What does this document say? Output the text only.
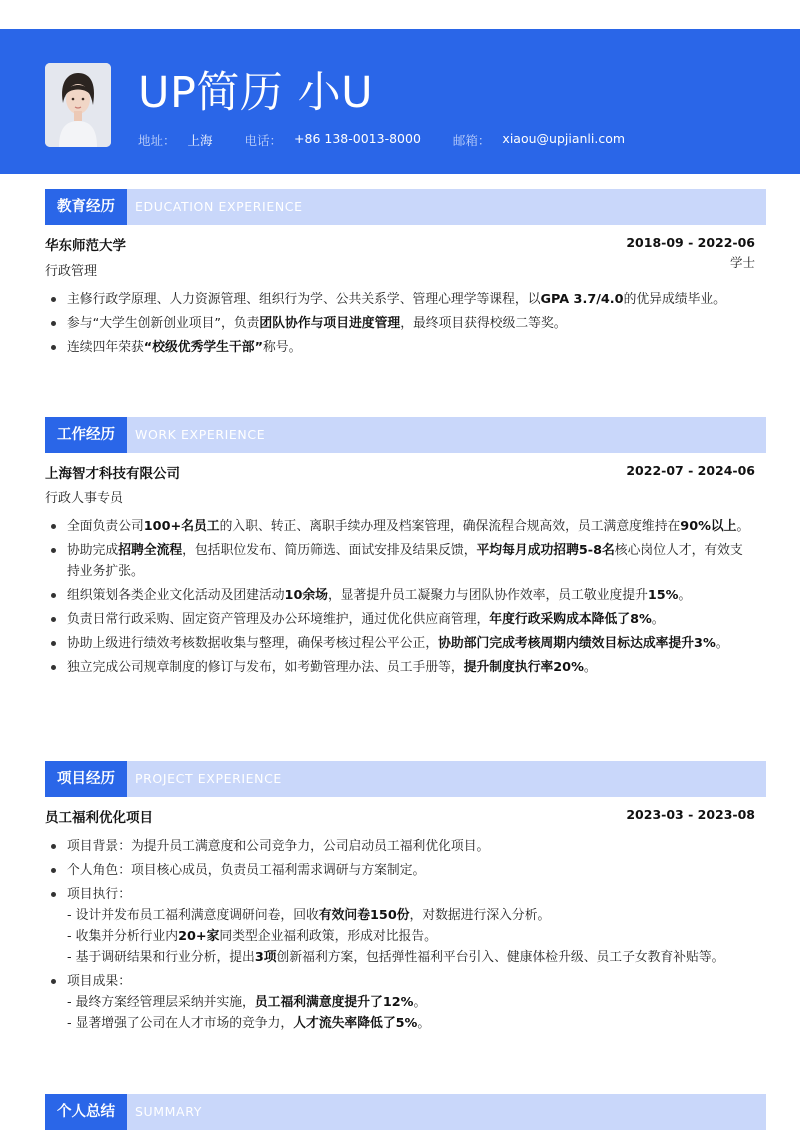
UP简历 小U
地址： 上海	电话： +86 138-0013-8000	邮箱： xiaou@upjianli.com
教育经历	EDUCATION EXPERIENCE
华东师范大学	2018-09 - 2022-06
行政管理
学士
主修行政学原理、人力资源管理、组织行为学、公共关系学、管理心理学等课程，以GPA 3.7/4.0的优异成绩毕业。
参与“大学生创新创业项目”，负责团队协作与项目进度管理，最终项目获得校级二等奖。
连续四年荣获“校级优秀学生干部”称号。
工作经历	WORK EXPERIENCE
上海智才科技有限公司	2022-07 - 2024-06
行政人事专员
全面负责公司100+名员工的入职、转正、离职手续办理及档案管理，确保流程合规高效，员工满意度维持在90%以上。
协助完成招聘全流程，包括职位发布、简历筛选、面试安排及结果反馈，平均每月成功招聘5-8名核心岗位人才，有效支持业务扩张。
组织策划各类企业文化活动及团建活动10余场，显著提升员工凝聚力与团队协作效率，员工敬业度提升15%。
负责日常行政采购、固定资产管理及办公环境维护，通过优化供应商管理，年度行政采购成本降低了8%。
协助上级进行绩效考核数据收集与整理，确保考核过程公平公正，协助部门完成考核周期内绩效目标达成率提升3%。
独立完成公司规章制度的修订与发布，如考勤管理办法、员工手册等，提升制度执行率20%。
项目经历	PROJECT EXPERIENCE
员工福利优化项目	2023-03 - 2023-08
项目背景：为提升员工满意度和公司竞争力，公司启动员工福利优化项目。
个人角色：项目核心成员，负责员工福利需求调研与方案制定。
项目执行：
- 设计并发布员工福利满意度调研问卷，回收有效问卷150份，对数据进行深入分析。
- 收集并分析行业内20+家同类型企业福利政策，形成对比报告。
- 基于调研结果和行业分析，提出3项创新福利方案，包括弹性福利平台引入、健康体检升级、员工子女教育补贴等。
项目成果：
- 最终方案经管理层采纳并实施，员工福利满意度提升了12%。
- 显著增强了公司在人才市场的竞争力，人才流失率降低了5%。
个人总结	SUMMARY
